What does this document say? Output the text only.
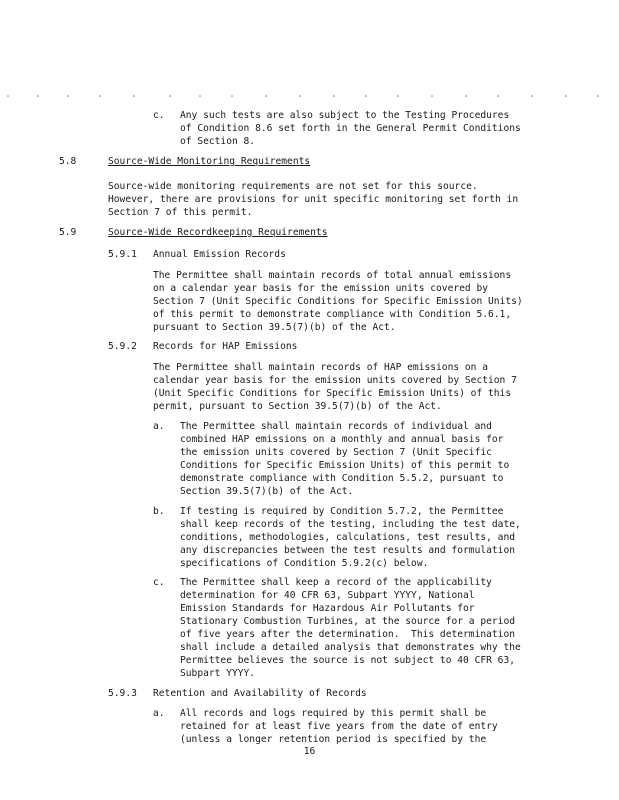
c. Any such tests are also subject to the Testing Procedures
of Condition 8.6 set forth in the General Permit Conditions
of Section 8.
5.8	Source-Wide Monitoring Requirements
Source-wide monitoring requirements are not set for this source.
However, there are provisions for unit specific monitoring set forth in
Section 7 of this permit.
5.9	Source-Wide Recordkeeping Requirements
5.9.1 Annual Emission Records
The Permittee shall maintain records of total annual emissions
on a calendar year basis for the emission units covered by
Section 7 (Unit Specific Conditions for Specific Emission Units)
of this permit to demonstrate compliance with Condition 5.6.1,
pursuant to Section 39.5(7)(b) of the Act.
5.9.2 Records for HAP Emissions
The Permittee shall maintain records of HAP emissions on a
calendar year basis for the emission units covered by Section 7
(Unit Specific Conditions for Specific Emission Units) of this
permit, pursuant to Section 39.5(7)(b) of the Act.
a. The Permittee shall maintain records of individual and
combined HAP emissions on a monthly and annual basis for
the emission units covered by Section 7 (Unit Specific
Conditions for Specific Emission Units) of this permit to
demonstrate compliance with Condition 5.5.2, pursuant to
Section 39.5(7)(b) of the Act.
b. If testing is required by Condition 5.7.2, the Permittee
shall keep records of the testing, including the test date,
conditions, methodologies, calculations, test results, and
any discrepancies between the test results and formulation
specifications of Condition 5.9.2(c) below.
c. The Permittee shall keep a record of the applicability
determination for 40 CFR 63, Subpart YYYY, National
Emission Standards for Hazardous Air Pollutants for
Stationary Combustion Turbines, at the source for a period
of five years after the determination.  This determination
shall include a detailed analysis that demonstrates why the
Permittee believes the source is not subject to 40 CFR 63,
Subpart YYYY.
5.9.3 Retention and Availability of Records
a. All records and logs required by this permit shall be
retained for at least five years from the date of entry
(unless a longer retention period is specified by the
16
